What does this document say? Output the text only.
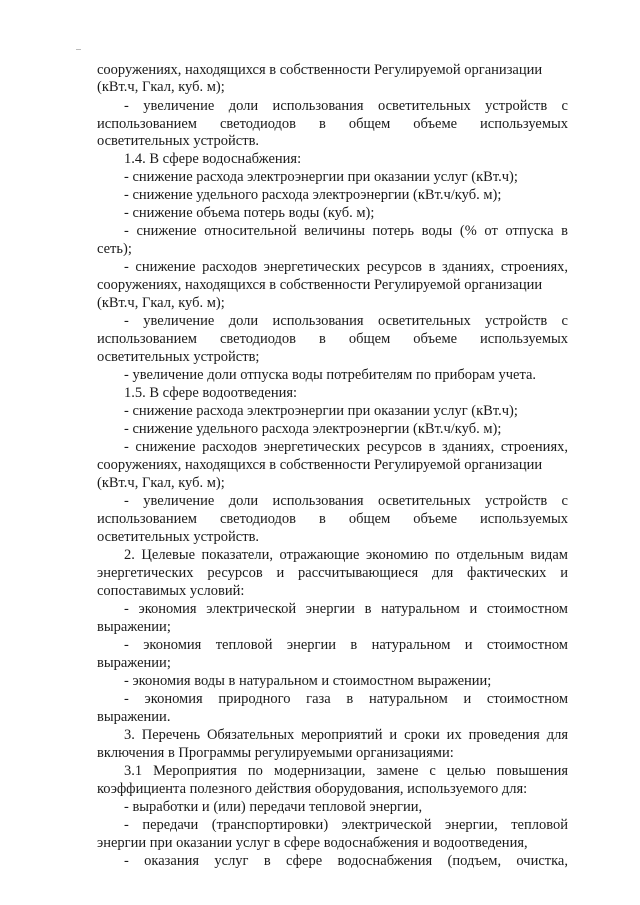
сооружениях, находящихся в собственности Регулируемой организации
(кВт.ч, Гкал, куб. м);
- увеличение доли использования осветительных устройств с
использованием светодиодов в общем объеме используемых
осветительных устройств.
1.4. В сфере водоснабжения:
- снижение расхода электроэнергии при оказании услуг (кВт.ч);
- снижение удельного расхода электроэнергии (кВт.ч/куб. м);
- снижение объема потерь воды (куб. м);
- снижение относительной величины потерь воды (% от отпуска в
сеть);
- снижение расходов энергетических ресурсов в зданиях, строениях,
сооружениях, находящихся в собственности Регулируемой организации
(кВт.ч, Гкал, куб. м);
- увеличение доли использования осветительных устройств с
использованием светодиодов в общем объеме используемых
осветительных устройств;
- увеличение доли отпуска воды потребителям по приборам учета.
1.5. В сфере водоотведения:
- снижение расхода электроэнергии при оказании услуг (кВт.ч);
- снижение удельного расхода электроэнергии (кВт.ч/куб. м);
- снижение расходов энергетических ресурсов в зданиях, строениях,
сооружениях, находящихся в собственности Регулируемой организации
(кВт.ч, Гкал, куб. м);
- увеличение доли использования осветительных устройств с
использованием светодиодов в общем объеме используемых
осветительных устройств.
2. Целевые показатели, отражающие экономию по отдельным видам
энергетических ресурсов и рассчитывающиеся для фактических и
сопоставимых условий:
- экономия электрической энергии в натуральном и стоимостном
выражении;
- экономия тепловой энергии в натуральном и стоимостном
выражении;
- экономия воды в натуральном и стоимостном выражении;
- экономия природного газа в натуральном и стоимостном
выражении.
3. Перечень Обязательных мероприятий и сроки их проведения для
включения в Программы регулируемыми организациями:
3.1 Мероприятия по модернизации, замене с целью повышения
коэффициента полезного действия оборудования, используемого для:
- выработки и (или) передачи тепловой энергии,
- передачи (транспортировки) электрической энергии, тепловой
энергии при оказании услуг в сфере водоснабжения и водоотведения,
- оказания услуг в сфере водоснабжения (подъем, очистка,
